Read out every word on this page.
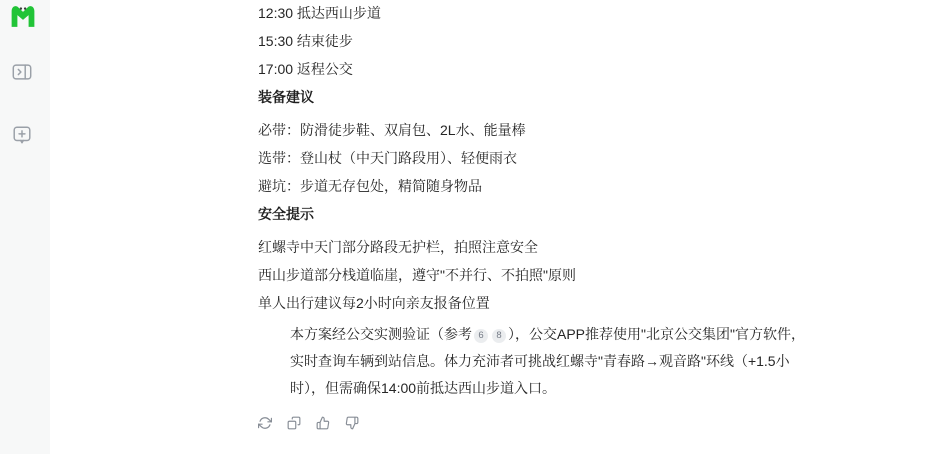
12:30 抵达西山步道

15:30 结束徒步

17:00 返程公交

装备建议

必带：防滑徒步鞋、双肩包、2L水、能量棒

选带：登山杖（中天门路段用）、轻便雨衣

避坑：步道无存包处，精简随身物品

安全提示

红螺寺中天门部分路段无护栏，拍照注意安全

西山步道部分栈道临崖，遵守"不并行、不拍照"原则

单人出行建议每2小时向亲友报备位置

本方案经公交实测验证（参考 6 8 ），公交APP推荐使用"北京公交集团"官方软件，实时查询车辆到站信息。体力充沛者可挑战红螺寺"青春路→观音路"环线（+1.5小时），但需确保14:00前抵达西山步道入口。
